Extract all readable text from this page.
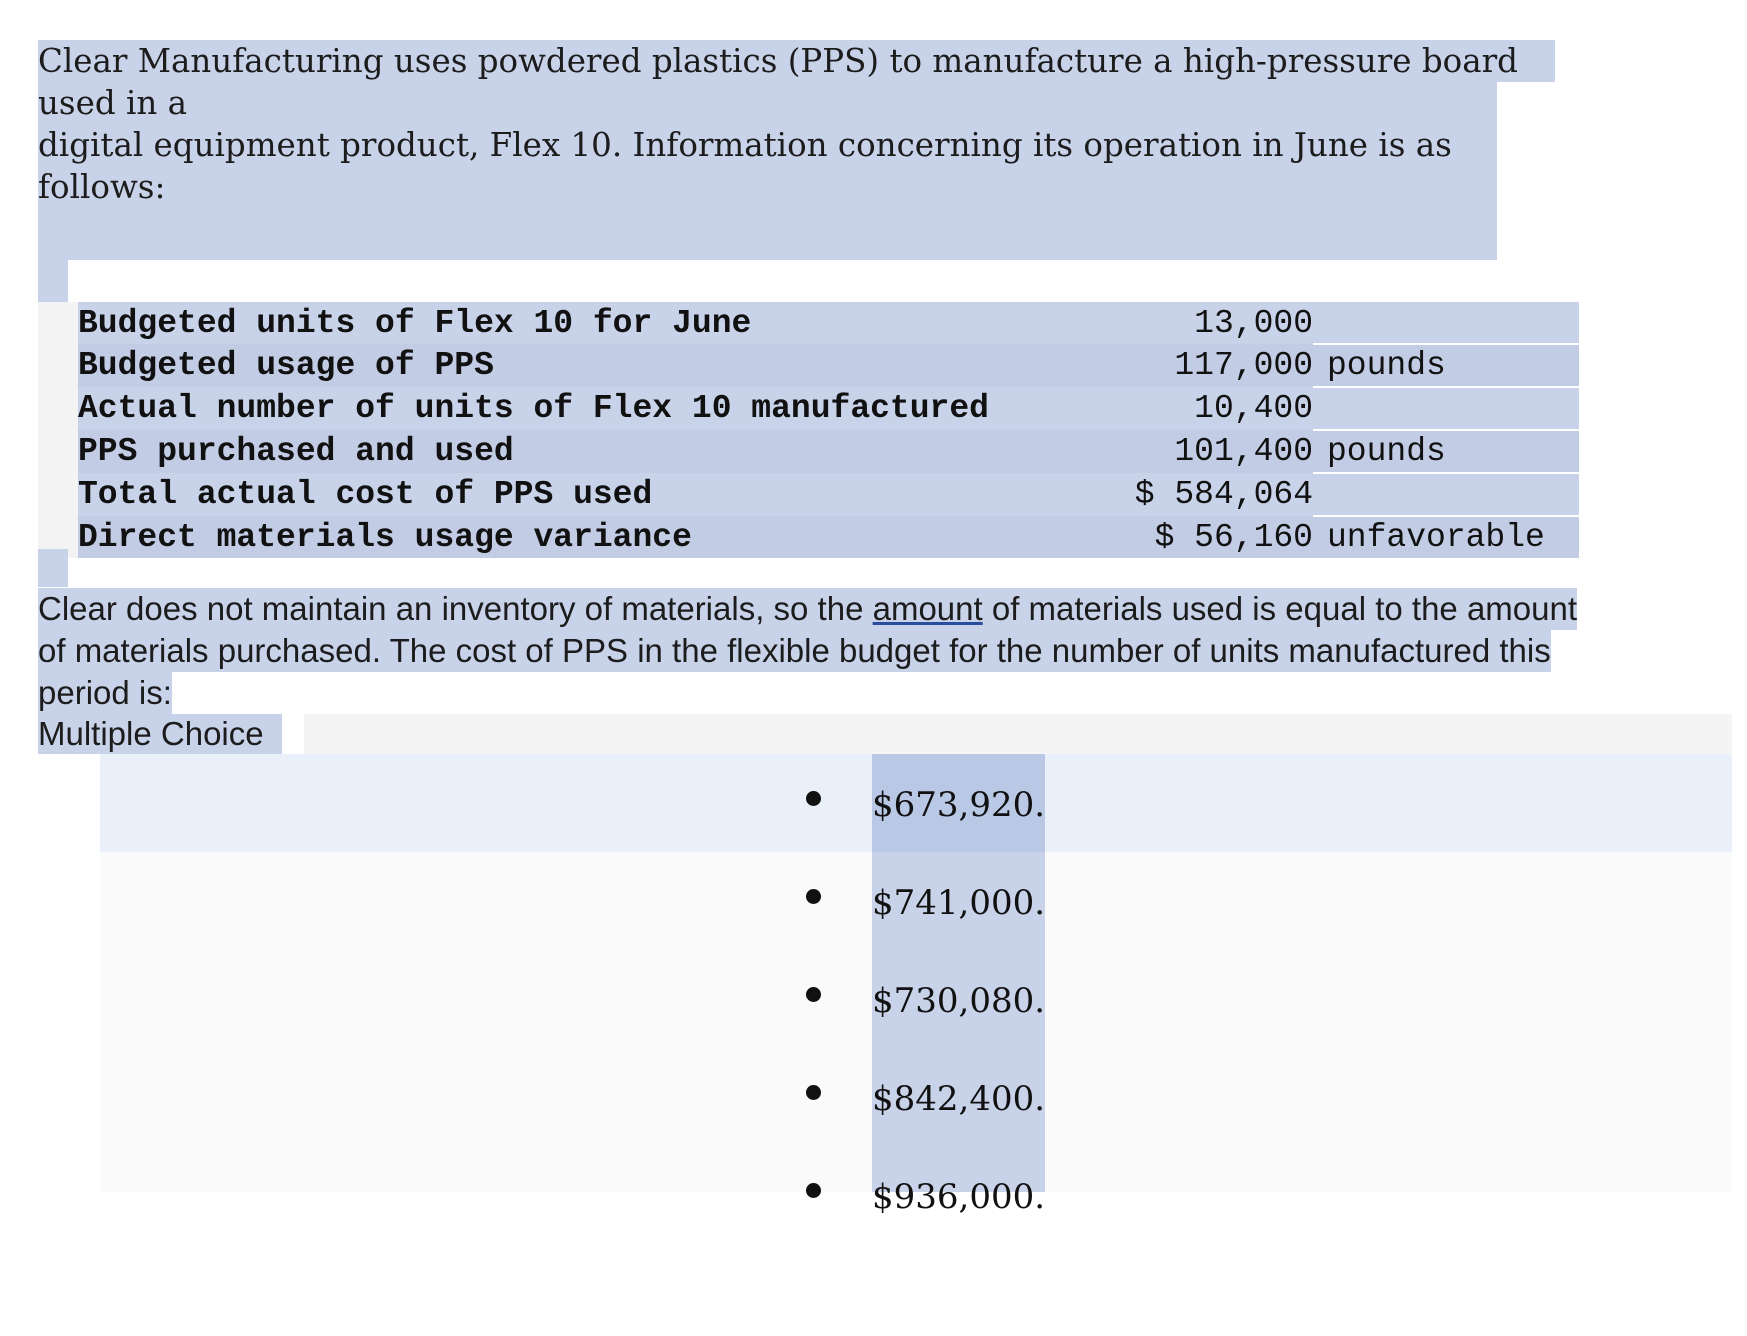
Clear Manufacturing uses powdered plastics (PPS) to manufacture a high-pressure board used in a
digital equipment product, Flex 10. Information concerning its operation in June is as follows:
	Budgeted units of Flex 10 for June	13,000	
	Budgeted usage of PPS	117,000	pounds
	Actual number of units of Flex 10 manufactured	10,400	
	PPS purchased and used	101,400	pounds
	Total actual cost of PPS used	$ 584,064	
	Direct materials usage variance	$ 56,160	unfavorable
Clear does not maintain an inventory of materials, so the amount of materials used is equal to the amount
of materials purchased. The cost of PPS in the flexible budget for the number of units manufactured this
period is:
Multiple Choice
$673,920.
$741,000.
$730,080.
$842,400.
$936,000.
